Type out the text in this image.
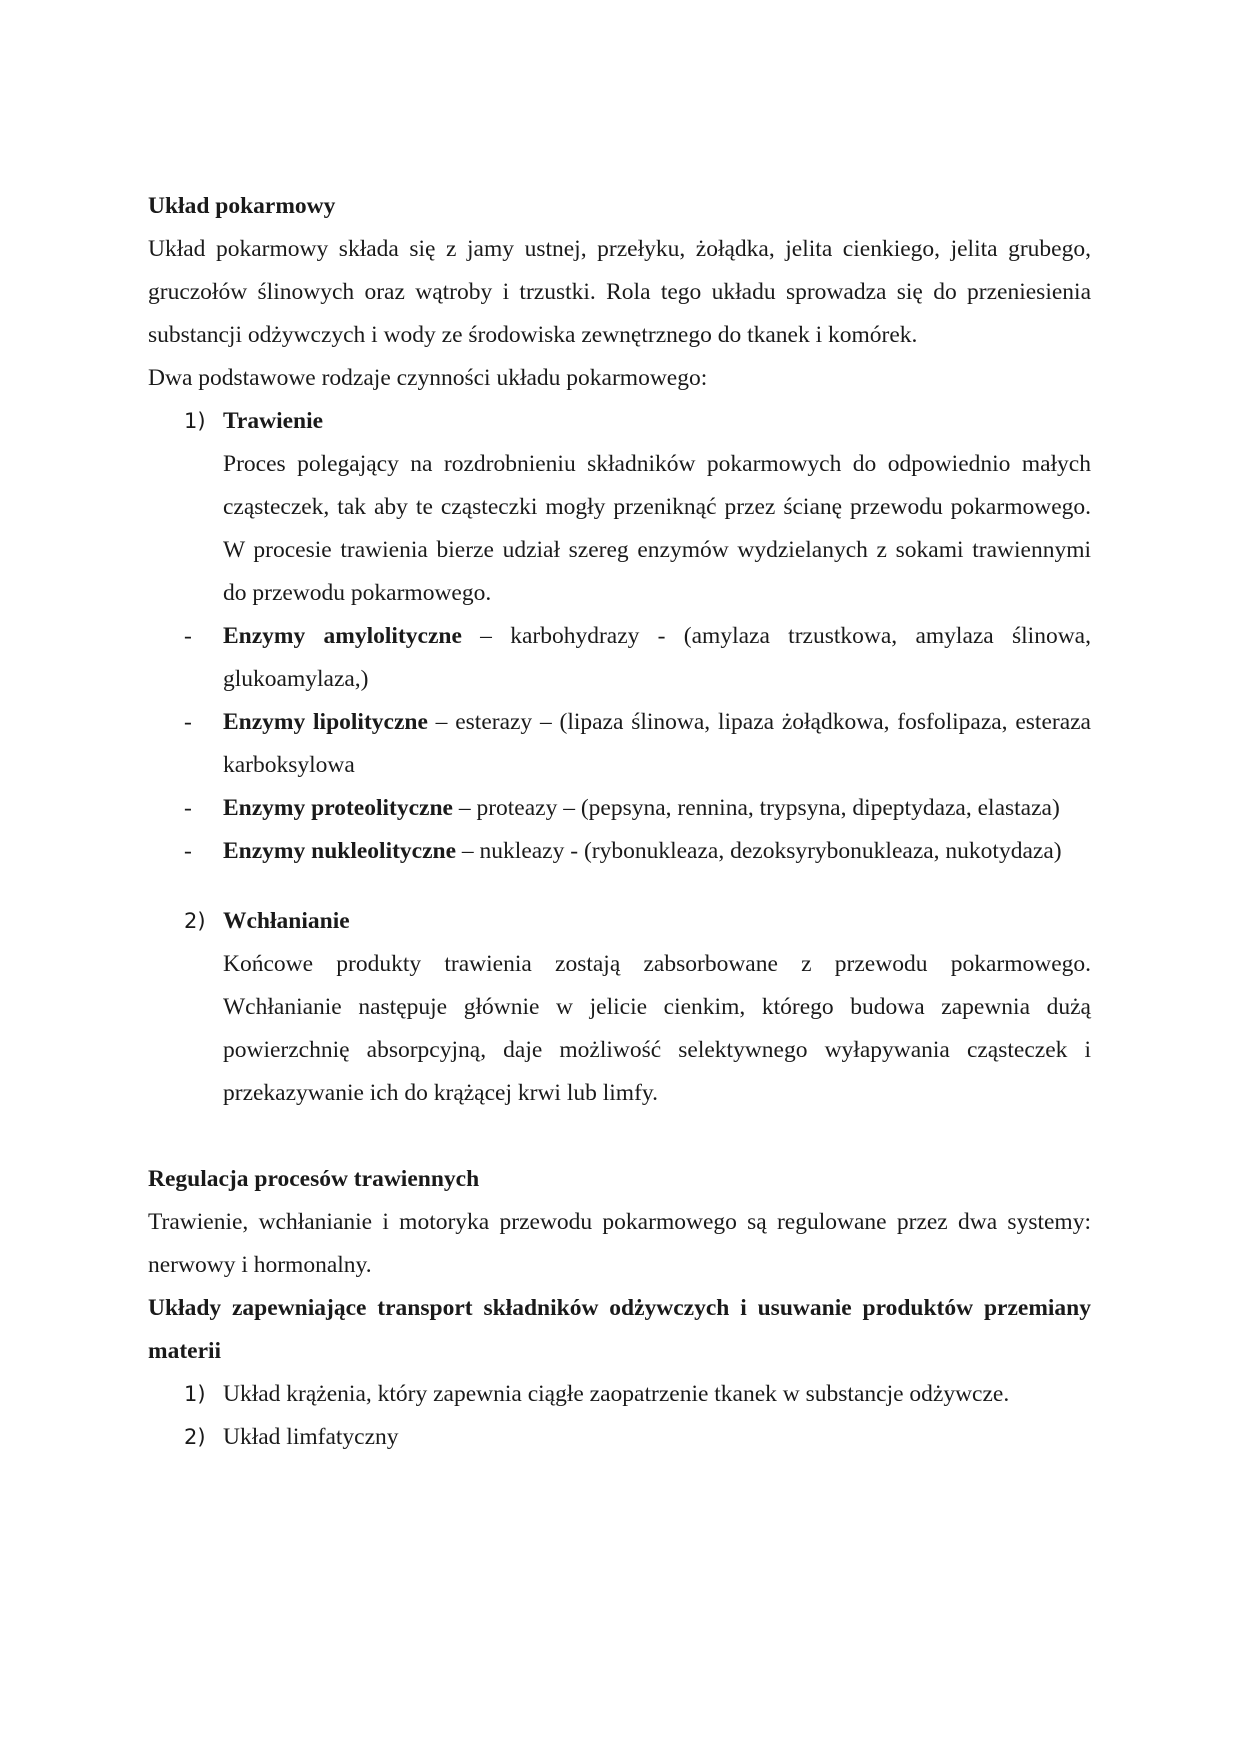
Układ pokarmowy

Układ pokarmowy składa się z jamy ustnej, przełyku, żołądka, jelita cienkiego, jelita grubego, gruczołów ślinowych oraz wątroby i trzustki. Rola tego układu sprowadza się do przeniesienia substancji odżywczych i wody ze środowiska zewnętrznego do tkanek i komórek.

Dwa podstawowe rodzaje czynności układu pokarmowego:

1) Trawienie

Proces polegający na rozdrobnieniu składników pokarmowych do odpowiednio małych cząsteczek, tak aby te cząsteczki mogły przeniknąć przez ścianę przewodu pokarmowego. W procesie trawienia bierze udział szereg enzymów wydzielanych z sokami trawiennymi do przewodu pokarmowego.

- Enzymy amylolityczne – karbohydrazy - (amylaza trzustkowa, amylaza ślinowa, glukoamylaza,)

- Enzymy lipolityczne – esterazy – (lipaza ślinowa, lipaza żołądkowa, fosfolipaza, esteraza karboksylowa

- Enzymy proteolityczne – proteazy – (pepsyna, rennina, trypsyna, dipeptydaza, elastaza)

- Enzymy nukleolityczne – nukleazy - (rybonukleaza, dezoksyrybonukleaza, nukotydaza)

2) Wchłanianie

Końcowe produkty trawienia zostają zabsorbowane z przewodu pokarmowego. Wchłanianie następuje głównie w jelicie cienkim, którego budowa zapewnia dużą powierzchnię absorpcyjną, daje możliwość selektywnego wyłapywania cząsteczek i przekazywanie ich do krążącej krwi lub limfy.

Regulacja procesów trawiennych

Trawienie, wchłanianie i motoryka przewodu pokarmowego są regulowane przez dwa systemy: nerwowy i hormonalny.

Układy zapewniające transport składników odżywczych i usuwanie produktów przemiany materii

1) Układ krążenia, który zapewnia ciągłe zaopatrzenie tkanek w substancje odżywcze.

2) Układ limfatyczny
